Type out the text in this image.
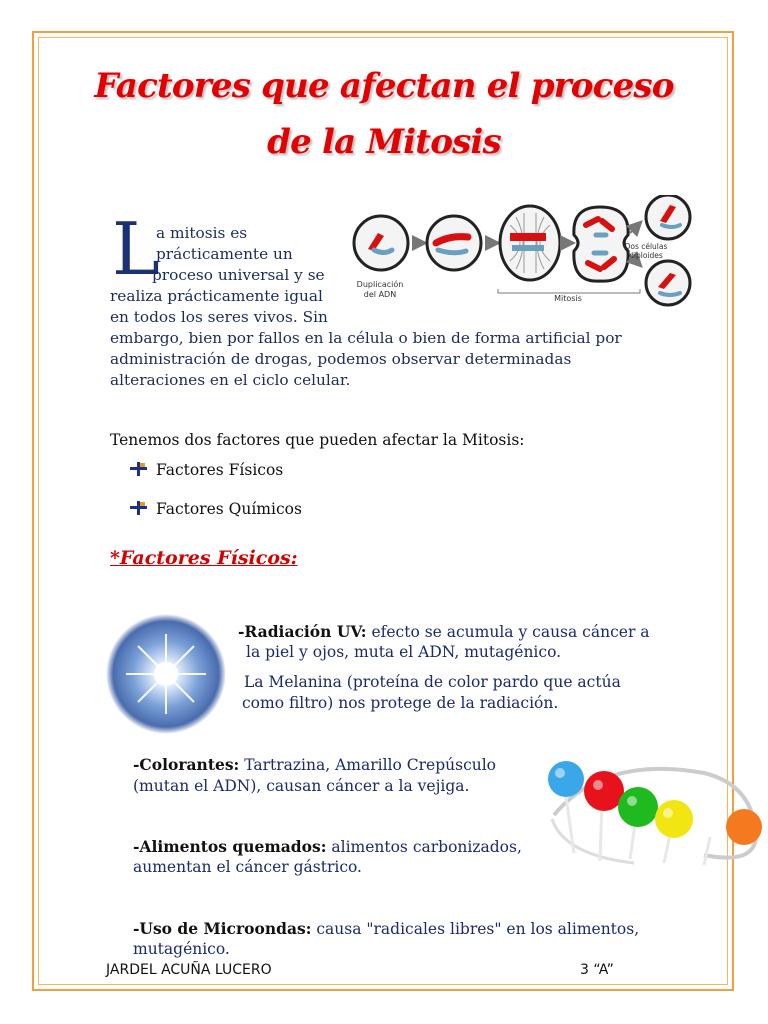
Factores que afectan el proceso
de la Mitosis
L
a mitosis es
prácticamente un
proceso universal y se
realiza prácticamente igual
en todos los seres vivos. Sin
embargo, bien por fallos en la célula o bien de forma artificial por
administración de drogas, podemos observar determinadas
alteraciones en el ciclo celular.
Duplicación
del ADN	Mitosis
Dos células
diploides
Tenemos dos factores que pueden afectar la Mitosis:
Factores Físicos
Factores Químicos
*Factores Físicos:
-Radiación UV: efecto se acumula y causa cáncer a
la piel y ojos, muta el ADN, mutagénico.
La Melanina (proteína de color pardo que actúa
como filtro) nos protege de la radiación.
-Colorantes: Tartrazina, Amarillo Crepúsculo
(mutan el ADN), causan cáncer a la vejiga.
-Alimentos quemados: alimentos carbonizados,
aumentan el cáncer gástrico.
-Uso de Microondas: causa "radicales libres" en los alimentos,
mutagénico.
JARDEL ACUÑA LUCERO	3 “A”
